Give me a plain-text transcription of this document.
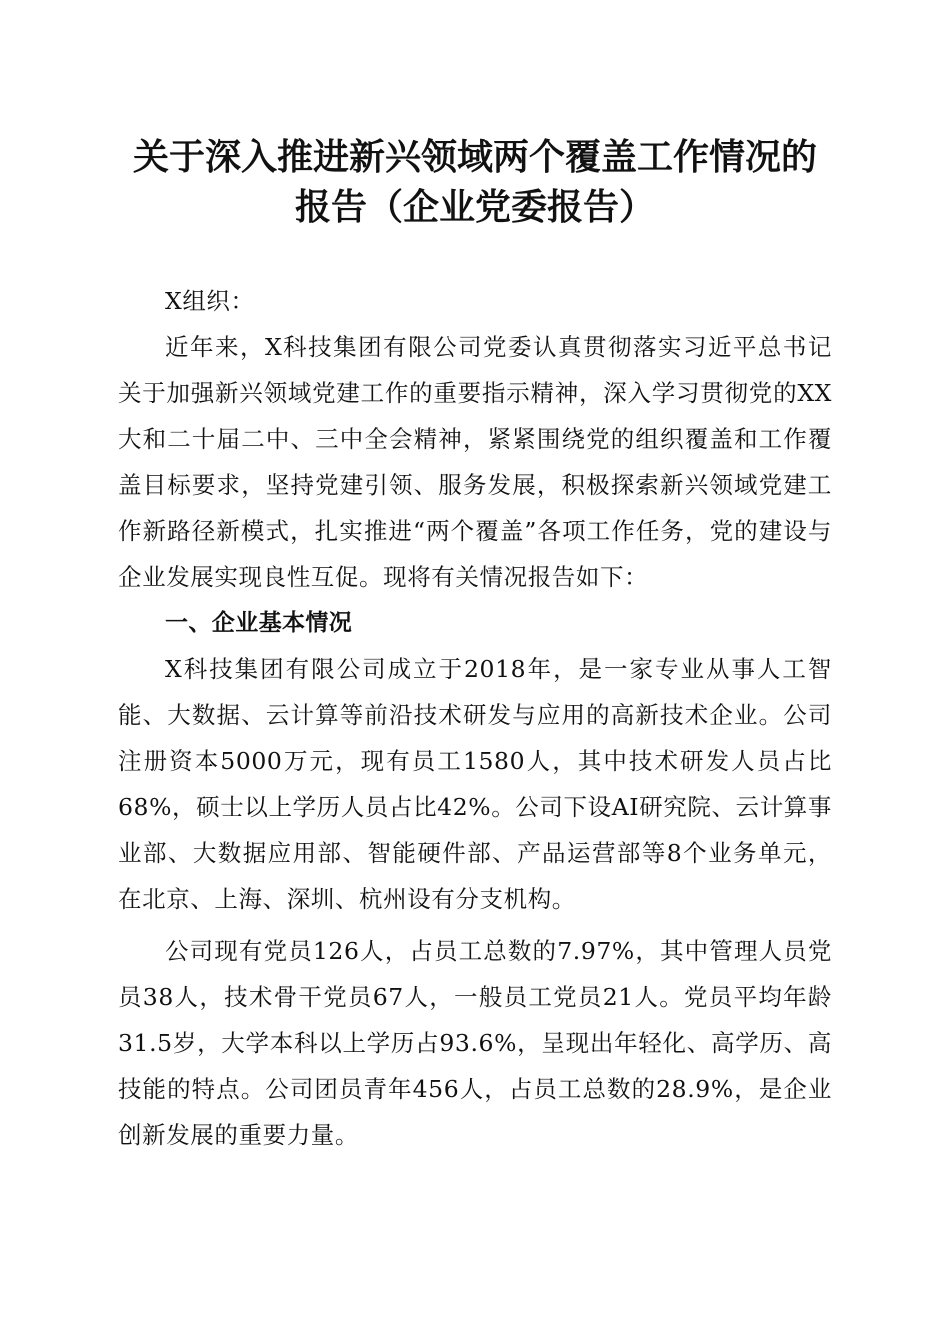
关于深入推进新兴领域两个覆盖工作情况的报告（企业党委报告）

X组织：

近年来，X科技集团有限公司党委认真贯彻落实习近平总书记关于加强新兴领域党建工作的重要指示精神，深入学习贯彻党的XX大和二十届二中、三中全会精神，紧紧围绕党的组织覆盖和工作覆盖目标要求，坚持党建引领、服务发展，积极探索新兴领域党建工作新路径新模式，扎实推进“两个覆盖”各项工作任务，党的建设与企业发展实现良性互促。现将有关情况报告如下：

一、企业基本情况

X科技集团有限公司成立于2018年，是一家专业从事人工智能、大数据、云计算等前沿技术研发与应用的高新技术企业。公司注册资本5000万元，现有员工1580人，其中技术研发人员占比68%，硕士以上学历人员占比42%。公司下设AI研究院、云计算事业部、大数据应用部、智能硬件部、产品运营部等8个业务单元，在北京、上海、深圳、杭州设有分支机构。

公司现有党员126人，占员工总数的7.97%，其中管理人员党员38人，技术骨干党员67人，一般员工党员21人。党员平均年龄31.5岁，大学本科以上学历占93.6%，呈现出年轻化、高学历、高技能的特点。公司团员青年456人，占员工总数的28.9%，是企业创新发展的重要力量。
